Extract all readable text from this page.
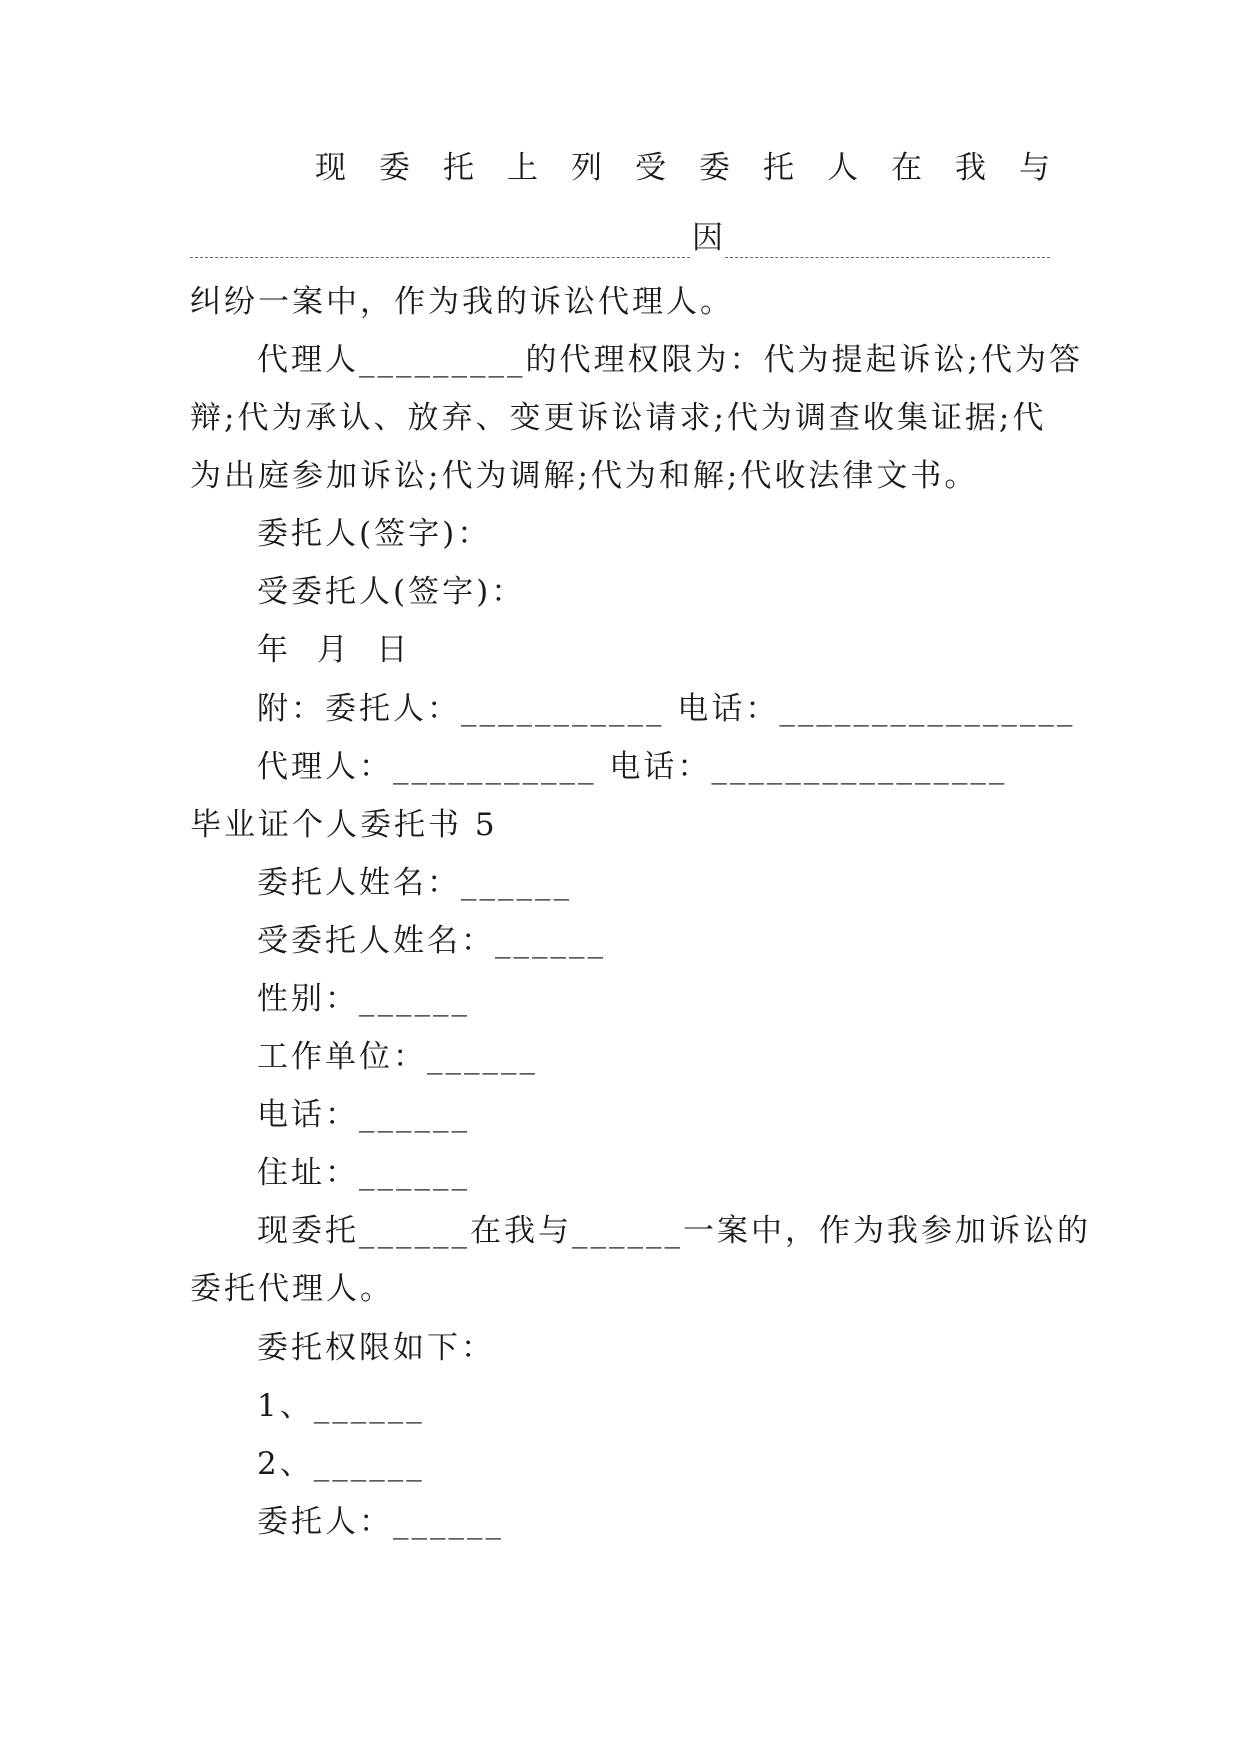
现 委 托 上 列 受 委 托 人 在 我 与
因
纠纷一案中，作为我的诉讼代理人。
代理人_________的代理权限为：代为提起诉讼;代为答
辩;代为承认、放弃、变更诉讼请求;代为调查收集证据;代
为出庭参加诉讼;代为调解;代为和解;代收法律文书。
委托人(签字)：
受委托人(签字)：
年  月  日
附：委托人：___________ 电话：________________
代理人：___________ 电话：________________
毕业证个人委托书 5
委托人姓名：______
受委托人姓名：______
性别：______
工作单位：______
电话：______
住址：______
现委托______在我与______一案中，作为我参加诉讼的
委托代理人。
委托权限如下：
1、______
2、______
委托人：______
